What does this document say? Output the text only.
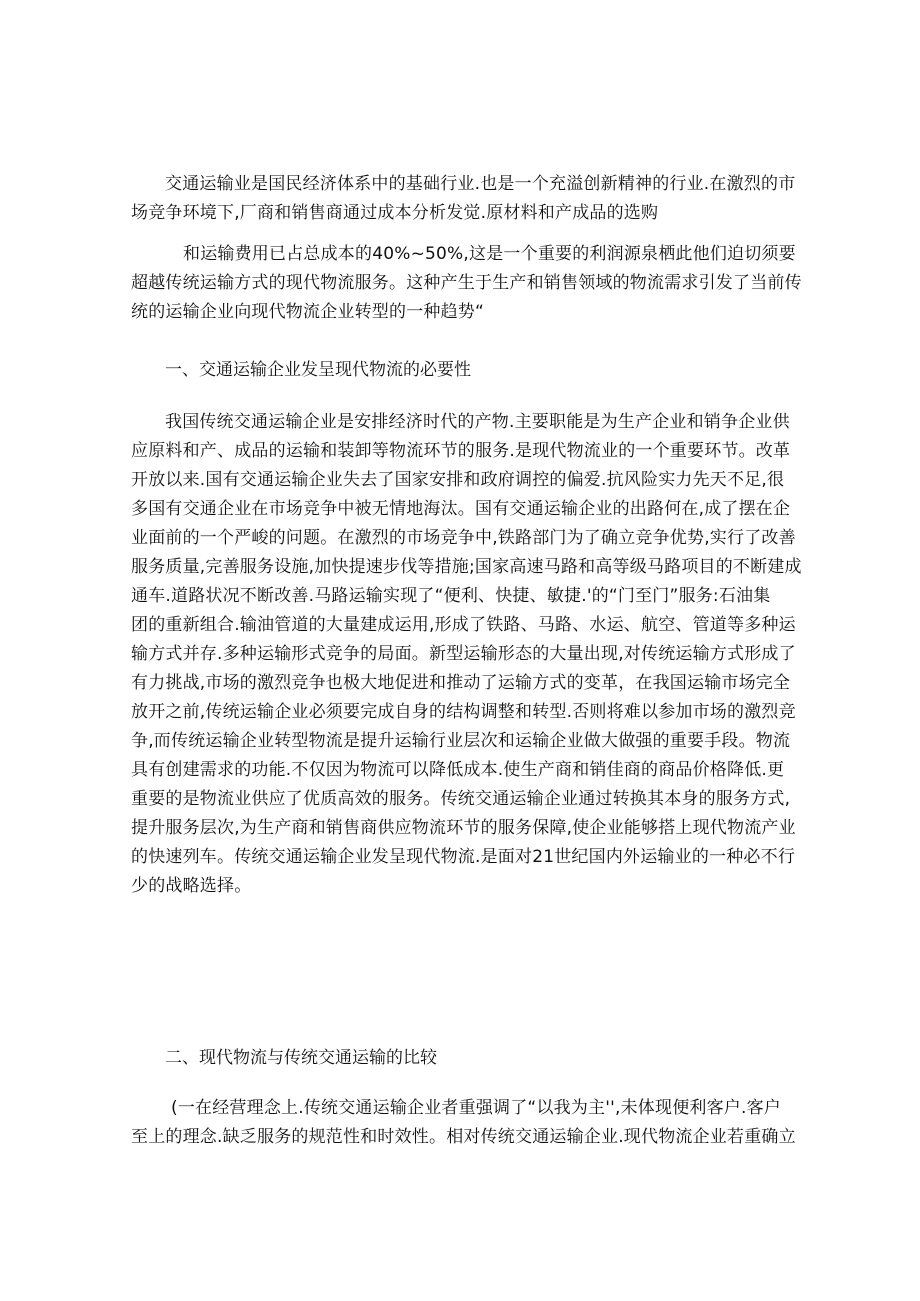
交通运输业是国民经济体系中的基础行业.也是一个充溢创新精神的行业.在激烈的市
场竞争环境下,厂商和销售商通过成本分析发觉.原材料和产成品的选购

和运输费用已占总成本的40%~50%,这是一个重要的利润源泉栖此他们迫切须要
超越传统运输方式的现代物流服务。这种产生于生产和销售领域的物流需求引发了当前传
统的运输企业向现代物流企业转型的一种趋势“

一、交通运输企业发呈现代物流的必要性

我国传统交通运输企业是安排经济时代的产物.主要职能是为生产企业和销争企业供
应原料和产、成品的运输和装卸等物流环节的服务.是现代物流业的一个重要环节。改革
开放以来.国有交通运输企业失去了国家安排和政府调控的偏爱.抗风险实力先天不足,很
多国有交通企业在市场竞争中被无情地海汰。国有交通运输企业的出路何在,成了摆在企
业面前的一个严峻的问题。在激烈的市场竞争中,铁路部门为了确立竞争优势,实行了改善
服务质量,完善服务设施,加快提速步伐等措施;国家高速马路和高等级马路项目的不断建成
通车.道路状况不断改善.马路运输实现了“便利、快捷、敏捷.'的“门至门”服务:石油集
团的重新组合.输油管道的大量建成运用,形成了铁路、马路、水运、航空、管道等多种运
输方式并存.多种运输形式竞争的局面。新型运输形态的大量出现,对传统运输方式形成了
有力挑战,市场的激烈竞争也极大地促进和推动了运输方式的变革，在我国运输市场完全
放开之前,传统运输企业必须要完成自身的结构调整和转型.否则将难以参加市场的激烈竞
争,而传统运输企业转型物流是提升运输行业层次和运输企业做大做强的重要手段。物流
具有创建需求的功能.不仅因为物流可以降低成本.使生产商和销佳商的商品价格降低.更
重要的是物流业供应了优质高效的服务。传统交通运输企业通过转换其本身的服务方式,
提升服务层次,为生产商和销售商供应物流环节的服务保障,使企业能够搭上现代物流产业
的快速列车。传统交通运输企业发呈现代物流.是面对21世纪国内外运输业的一种必不行
少的战略选择。

二、现代物流与传统交通运输的比较

(一在经营理念上.传统交通运输企业者重强调了“以我为主'',未体现便利客户.客户
至上的理念.缺乏服务的规范性和时效性。相对传统交通运输企业.现代物流企业若重确立
